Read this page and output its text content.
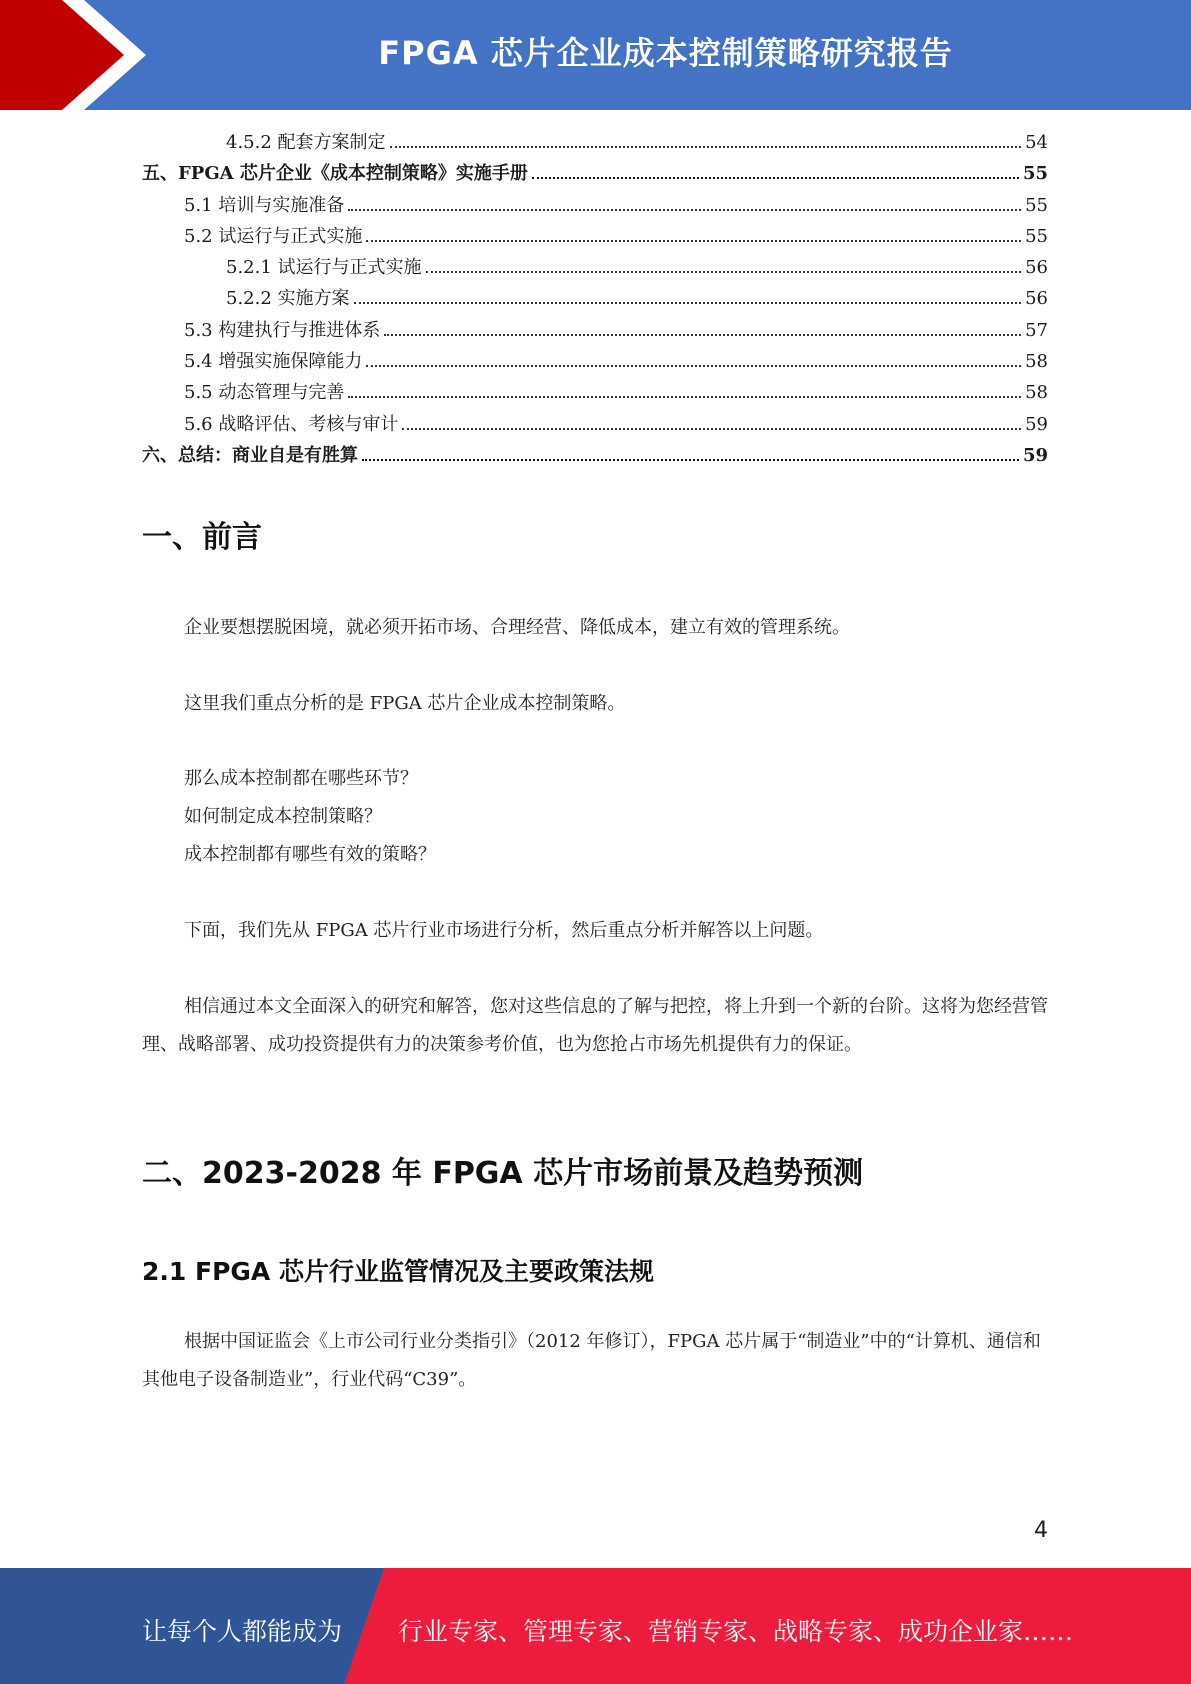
FPGA 芯片企业成本控制策略研究报告
4.5.2 配套方案制定	54
五、FPGA 芯片企业《成本控制策略》实施手册	55
5.1 培训与实施准备	55
5.2 试运行与正式实施	55
5.2.1 试运行与正式实施	56
5.2.2 实施方案	56
5.3 构建执行与推进体系	57
5.4 增强实施保障能力	58
5.5 动态管理与完善	58
5.6 战略评估、考核与审计	59
六、总结：商业自是有胜算	59
一、前言
企业要想摆脱困境，就必须开拓市场、合理经营、降低成本，建立有效的管理系统。
这里我们重点分析的是 FPGA 芯片企业成本控制策略。
那么成本控制都在哪些环节？
如何制定成本控制策略？
成本控制都有哪些有效的策略？
下面，我们先从 FPGA 芯片行业市场进行分析，然后重点分析并解答以上问题。
相信通过本文全面深入的研究和解答，您对这些信息的了解与把控，将上升到一个新的台阶。这将为您经营管理、战略部署、成功投资提供有力的决策参考价值，也为您抢占市场先机提供有力的保证。
二、2023-2028 年 FPGA 芯片市场前景及趋势预测
2.1 FPGA 芯片行业监管情况及主要政策法规
根据中国证监会《上市公司行业分类指引》（2012 年修订），FPGA 芯片属于“制造业”中的“计算机、通信和其他电子设备制造业”，行业代码“C39”。
4
让每个人都能成为 行业专家、管理专家、营销专家、战略专家、成功企业家……
